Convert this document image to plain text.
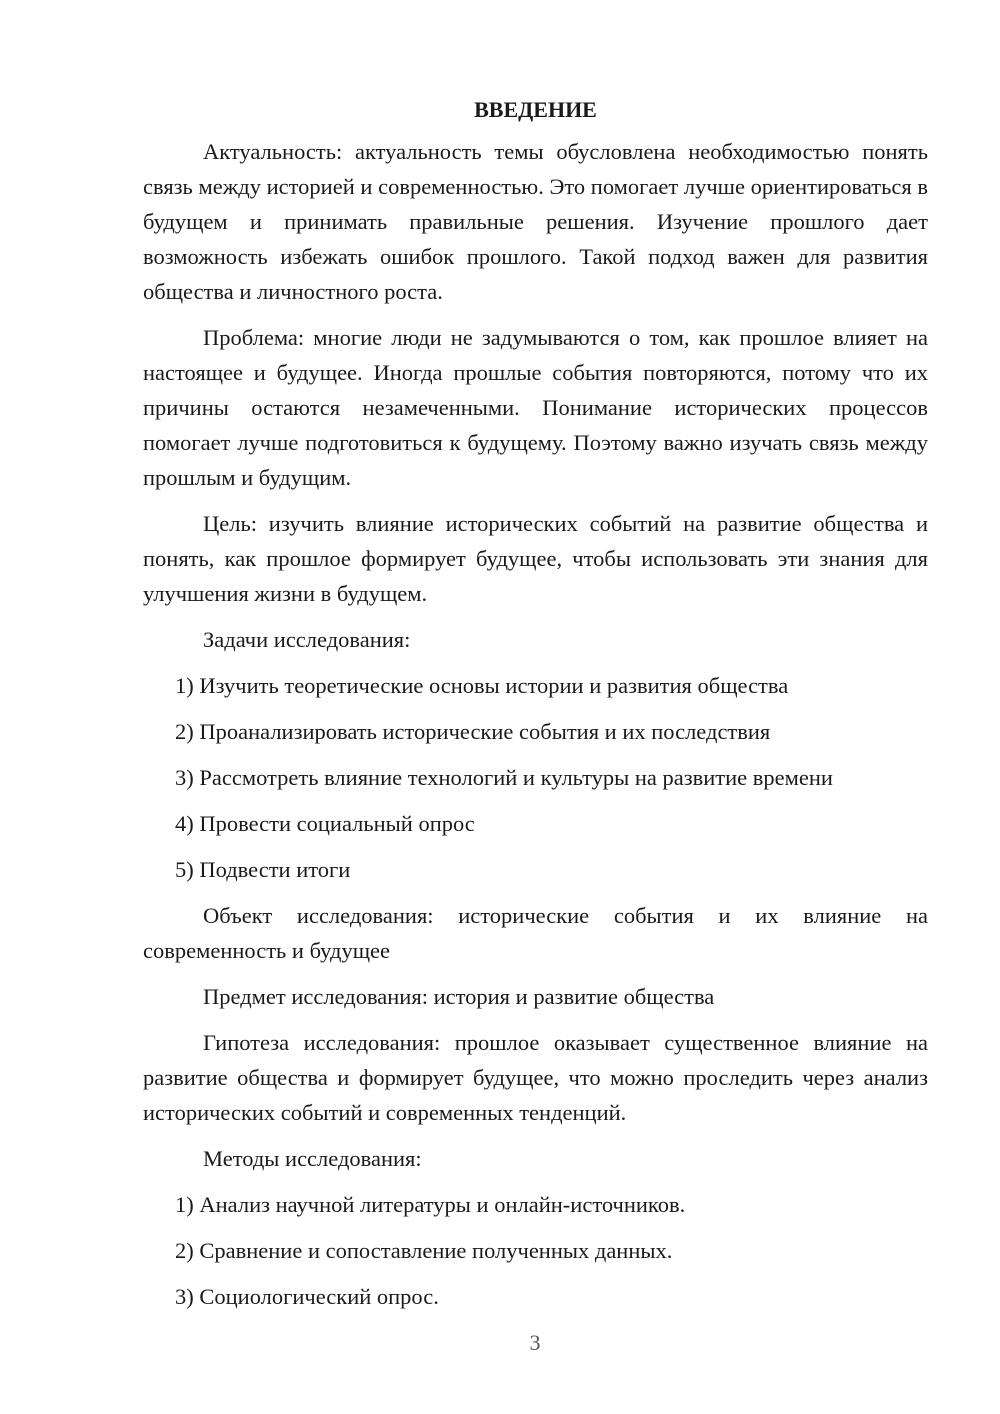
ВВЕДЕНИЕ

Актуальность: актуальность темы обусловлена необходимостью понять связь между историей и современностью. Это помогает лучше ориентироваться в будущем и принимать правильные решения. Изучение прошлого дает возможность избежать ошибок прошлого. Такой подход важен для развития общества и личностного роста.

Проблема: многие люди не задумываются о том, как прошлое влияет на настоящее и будущее. Иногда прошлые события повторяются, потому что их причины остаются незамеченными. Понимание исторических процессов помогает лучше подготовиться к будущему. Поэтому важно изучать связь между прошлым и будущим.

Цель: изучить влияние исторических событий на развитие общества и понять, как прошлое формирует будущее, чтобы использовать эти знания для улучшения жизни в будущем.

Задачи исследования:
1) Изучить теоретические основы истории и развития общества
2) Проанализировать исторические события и их последствия
3) Рассмотреть влияние технологий и культуры на развитие времени
4) Провести социальный опрос
5) Подвести итоги

Объект исследования: исторические события и их влияние на современность и будущее

Предмет исследования: история и развитие общества

Гипотеза исследования: прошлое оказывает существенное влияние на развитие общества и формирует будущее, что можно проследить через анализ исторических событий и современных тенденций.

Методы исследования:
1) Анализ научной литературы и онлайн-источников.
2) Сравнение и сопоставление полученных данных.
3) Социологический опрос.
3
